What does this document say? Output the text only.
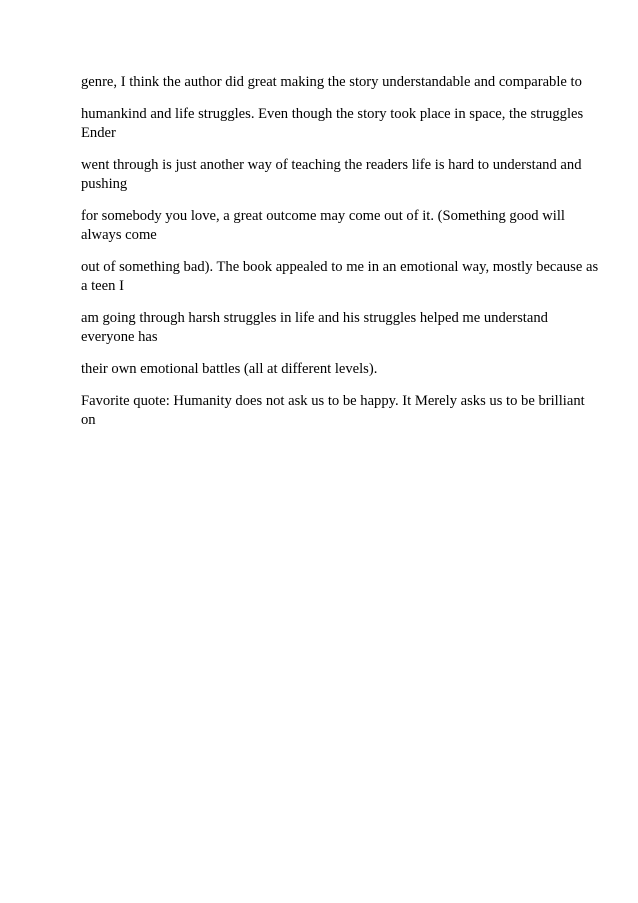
genre, I think the author did great making the story understandable and comparable to

humankind and life struggles. Even though the story took place in space, the struggles Ender

went through is just another way of teaching the readers life is hard to understand and pushing

for somebody you love, a great outcome may come out of it. (Something good will always come

out of something bad). The book appealed to me in an emotional way, mostly because as a teen I

am going through harsh struggles in life and his struggles helped me understand everyone has

their own emotional battles (all at different levels).

Favorite quote: Humanity does not ask us to be happy. It Merely asks us to be brilliant on
